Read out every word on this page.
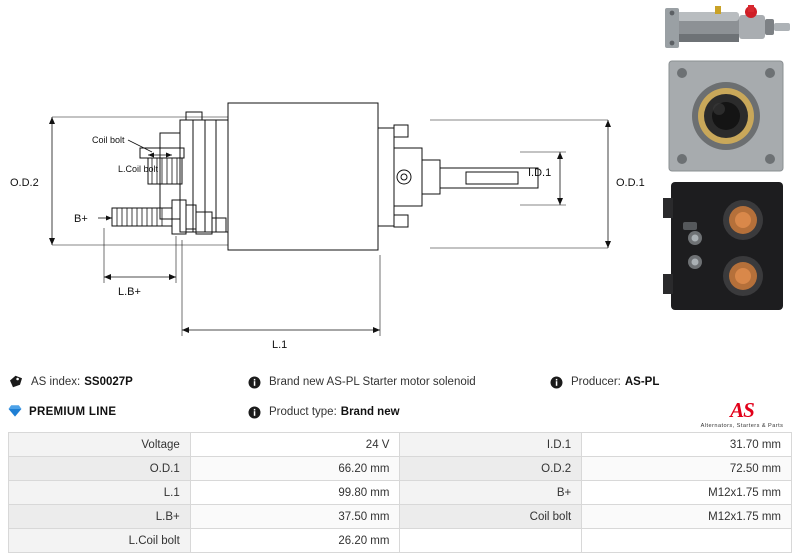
O.D.2	O.D.1
I.D.1
L.1
L.B+
B+
Coil bolt
L.Coil bolt
AS index: SS0027P
PREMIUM LINE
Brand new AS-PL Starter motor solenoid
Product type: Brand new
Producer: AS-PL
AS
Alternators, Starters & Parts
Voltage	24 V	I.D.1	31.70 mm
O.D.1	66.20 mm	O.D.2	72.50 mm
L.1	99.80 mm	B+	M12x1.75 mm
L.B+	37.50 mm	Coil bolt	M12x1.75 mm
L.Coil bolt	26.20 mm		
